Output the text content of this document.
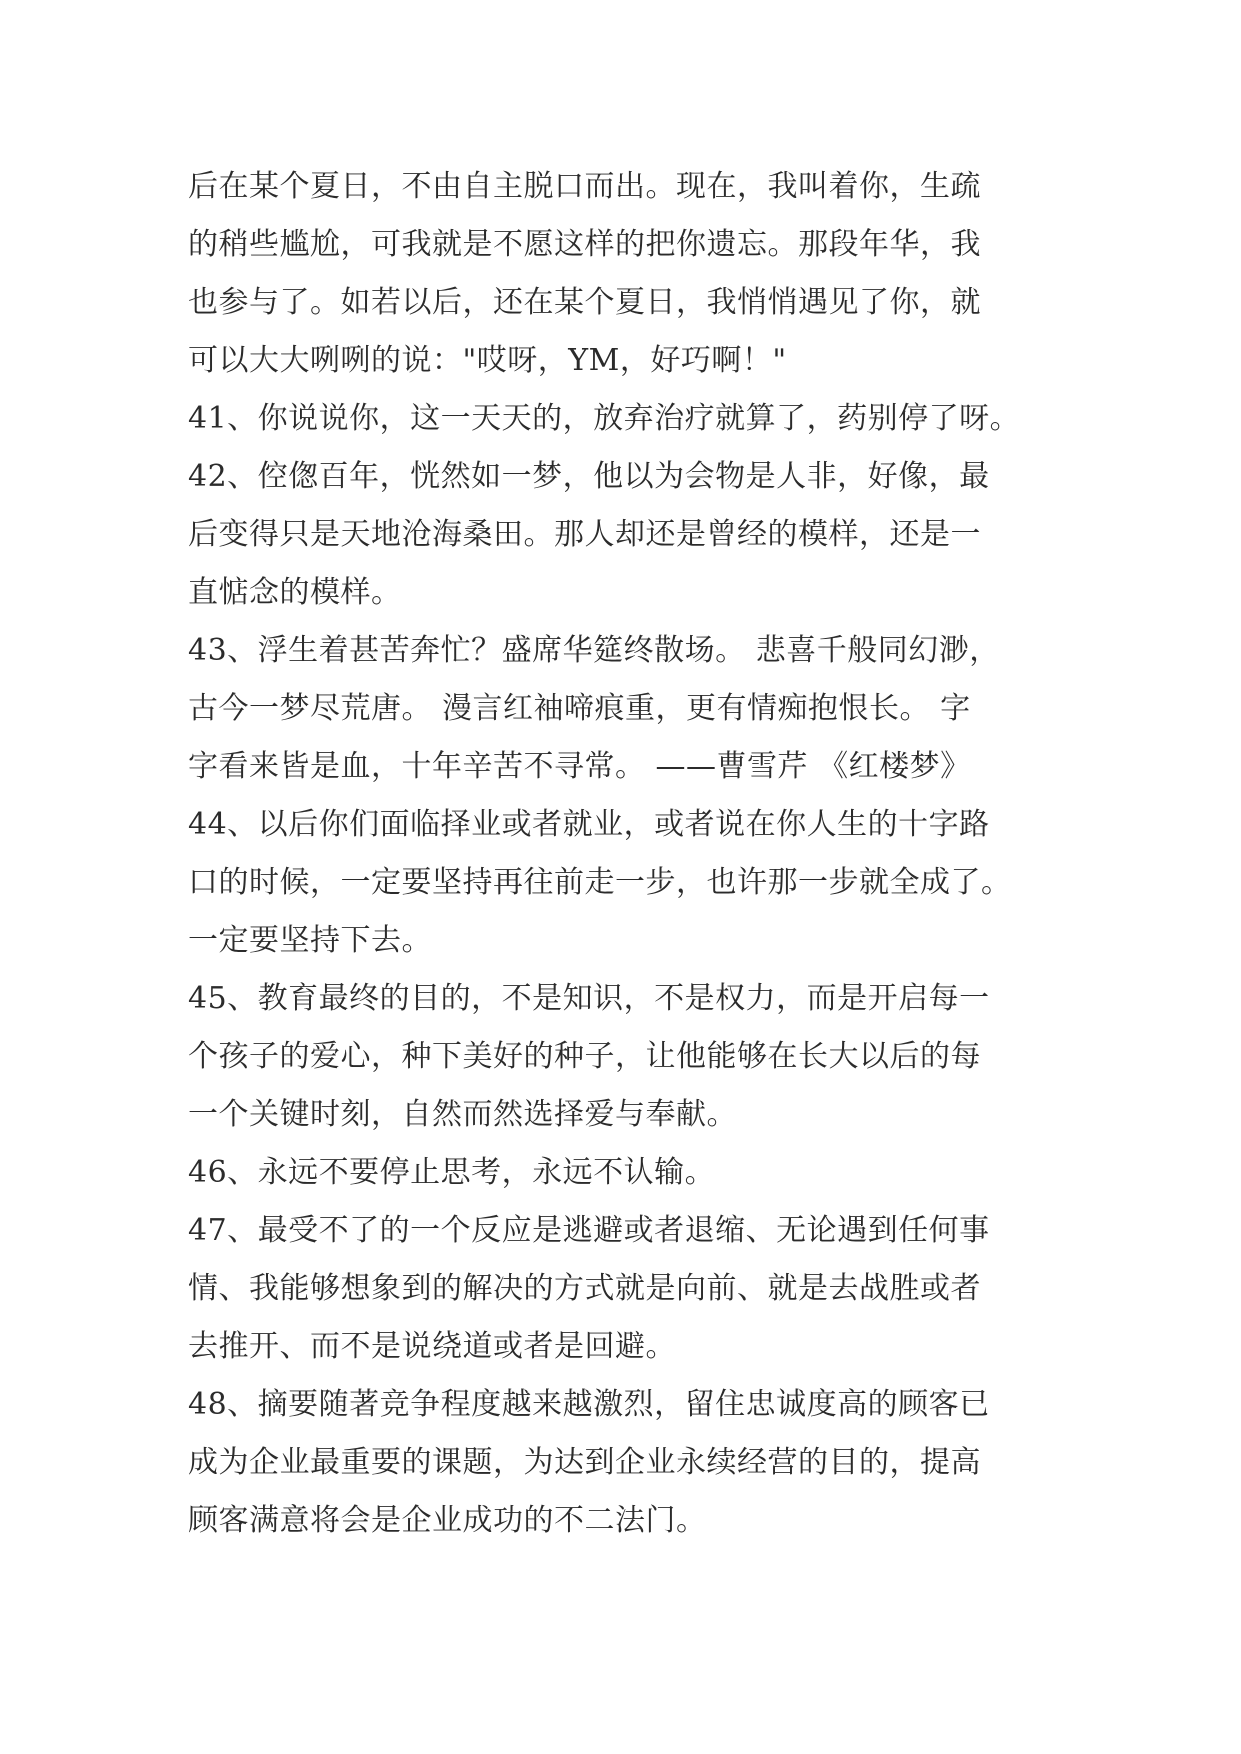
后在某个夏日，不由自主脱口而出。现在，我叫着你，生疏
的稍些尴尬，可我就是不愿这样的把你遗忘。那段年华，我
也参与了。如若以后，还在某个夏日，我悄悄遇见了你，就
可以大大咧咧的说："哎呀，YM，好巧啊！"
41、你说说你，这一天天的，放弃治疗就算了，药别停了呀。
42、倥偬百年，恍然如一梦，他以为会物是人非，好像，最
后变得只是天地沧海桑田。那人却还是曾经的模样，还是一
直惦念的模样。
43、浮生着甚苦奔忙？盛席华筵终散场。 悲喜千般同幻渺，
古今一梦尽荒唐。 漫言红袖啼痕重，更有情痴抱恨长。 字
字看来皆是血，十年辛苦不寻常。 ——曹雪芹 《红楼梦》
44、以后你们面临择业或者就业，或者说在你人生的十字路
口的时候，一定要坚持再往前走一步，也许那一步就全成了。
一定要坚持下去。
45、教育最终的目的，不是知识，不是权力，而是开启每一
个孩子的爱心，种下美好的种子，让他能够在长大以后的每
一个关键时刻，自然而然选择爱与奉献。
46、永远不要停止思考，永远不认输。
47、最受不了的一个反应是逃避或者退缩、无论遇到任何事
情、我能够想象到的解决的方式就是向前、就是去战胜或者
去推开、而不是说绕道或者是回避。
48、摘要随著竞争程度越来越激烈，留住忠诚度高的顾客已
成为企业最重要的课题，为达到企业永续经营的目的，提高
顾客满意将会是企业成功的不二法门。
